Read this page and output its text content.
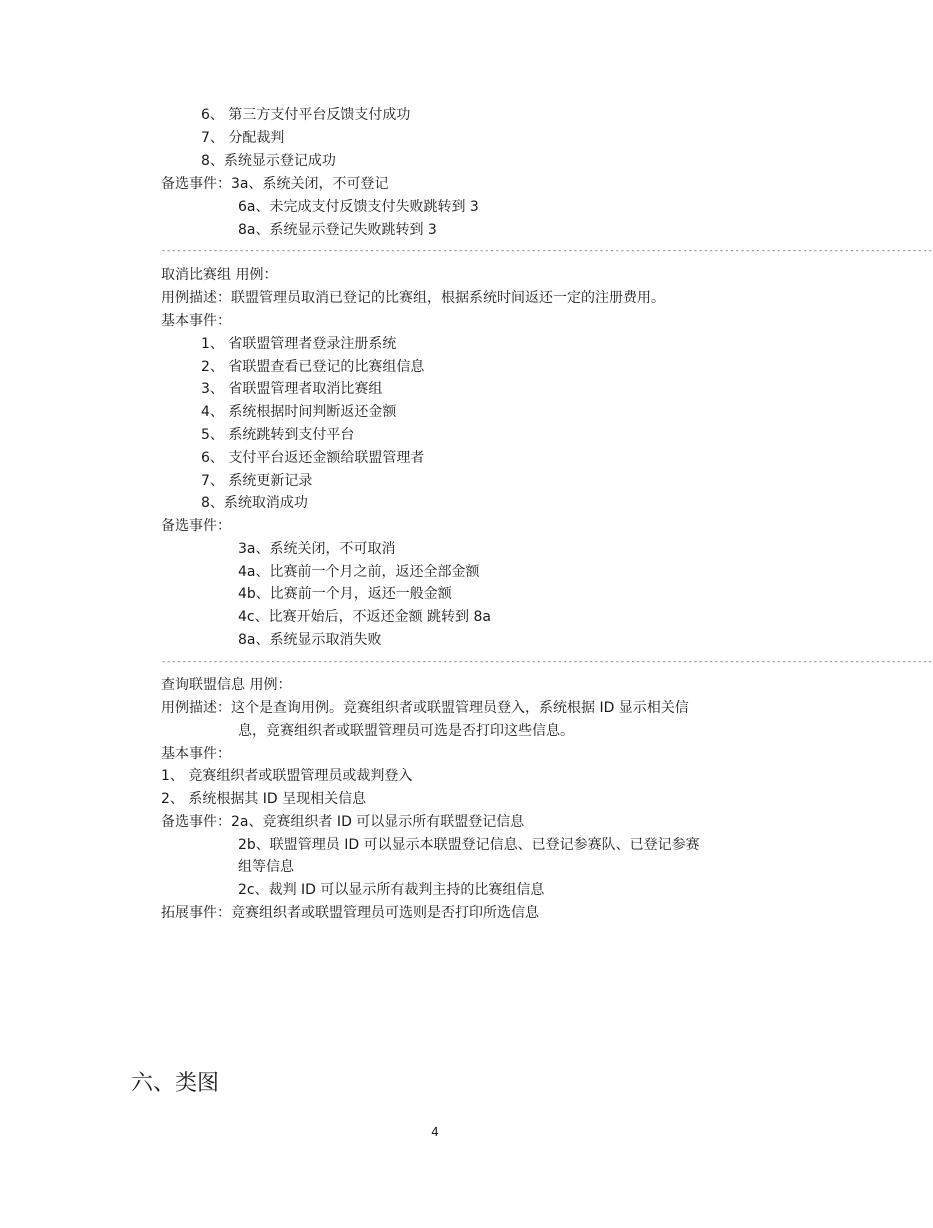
6、 第三方支付平台反馈支付成功
7、 分配裁判
8、系统显示登记成功
备选事件：3a、系统关闭，不可登记
6a、未完成支付反馈支付失败跳转到 3
8a、系统显示登记失败跳转到 3
----------------------------------------------------------------------------------------------------------------------------------------------------
取消比赛组 用例：
用例描述：联盟管理员取消已登记的比赛组，根据系统时间返还一定的注册费用。
基本事件：
1、 省联盟管理者登录注册系统
2、 省联盟查看已登记的比赛组信息
3、 省联盟管理者取消比赛组
4、 系统根据时间判断返还金额
5、 系统跳转到支付平台
6、 支付平台返还金额给联盟管理者
7、 系统更新记录
8、系统取消成功
备选事件：
3a、系统关闭，不可取消
4a、比赛前一个月之前，返还全部金额
4b、比赛前一个月，返还一般金额
4c、比赛开始后，不返还金额 跳转到 8a
8a、系统显示取消失败
----------------------------------------------------------------------------------------------------------------------------------------------------
查询联盟信息 用例：
用例描述：这个是查询用例。竞赛组织者或联盟管理员登入，系统根据 ID 显示相关信
息，竞赛组织者或联盟管理员可选是否打印这些信息。
基本事件：
1、 竞赛组织者或联盟管理员或裁判登入
2、 系统根据其 ID 呈现相关信息
备选事件：2a、竞赛组织者 ID 可以显示所有联盟登记信息
2b、联盟管理员 ID 可以显示本联盟登记信息、已登记参赛队、已登记参赛
组等信息
2c、裁判 ID 可以显示所有裁判主持的比赛组信息
拓展事件：竞赛组织者或联盟管理员可选则是否打印所选信息
六、类图
4
